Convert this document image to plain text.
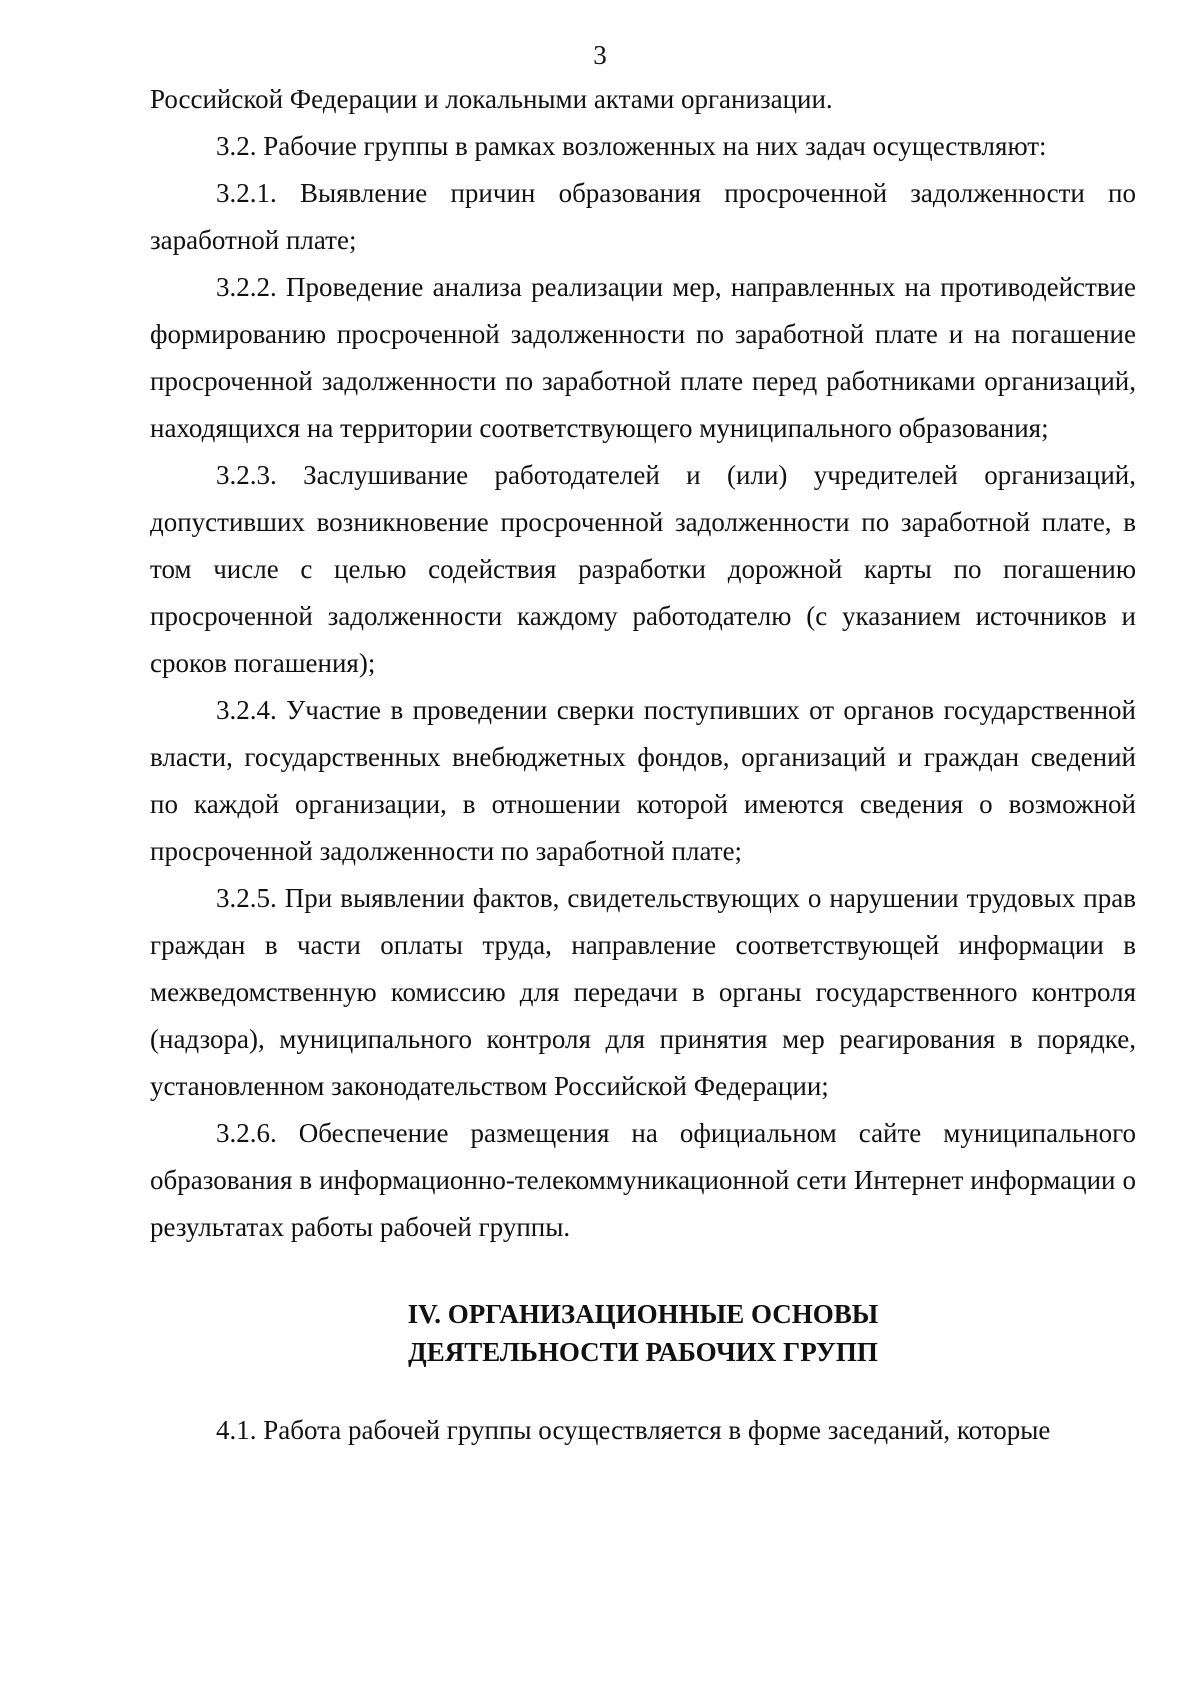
3

Российской Федерации и локальными актами организации.

3.2. Рабочие группы в рамках возложенных на них задач осуществляют:

3.2.1. Выявление причин образования просроченной задолженности по заработной плате;

3.2.2. Проведение анализа реализации мер, направленных на противодействие формированию просроченной задолженности по заработной плате и на погашение просроченной задолженности по заработной плате перед работниками организаций, находящихся на территории соответствующего муниципального образования;

3.2.3. Заслушивание работодателей и (или) учредителей организаций, допустивших возникновение просроченной задолженности по заработной плате, в том числе с целью содействия разработки дорожной карты по погашению просроченной задолженности каждому работодателю (с указанием источников и сроков погашения);

3.2.4. Участие в проведении сверки поступивших от органов государственной власти, государственных внебюджетных фондов, организаций и граждан сведений по каждой организации, в отношении которой имеются сведения о возможной просроченной задолженности по заработной плате;

3.2.5. При выявлении фактов, свидетельствующих о нарушении трудовых прав граждан в части оплаты труда, направление соответствующей информации в межведомственную комиссию для передачи в органы государственного контроля (надзора), муниципального контроля для принятия мер реагирования в порядке, установленном законодательством Российской Федерации;

3.2.6. Обеспечение размещения на официальном сайте муниципального образования в информационно-телекоммуникационной сети Интернет информации о результатах работы рабочей группы.

IV. ОРГАНИЗАЦИОННЫЕ ОСНОВЫ
ДЕЯТЕЛЬНОСТИ РАБОЧИХ ГРУПП

4.1. Работа рабочей группы осуществляется в форме заседаний, которые
